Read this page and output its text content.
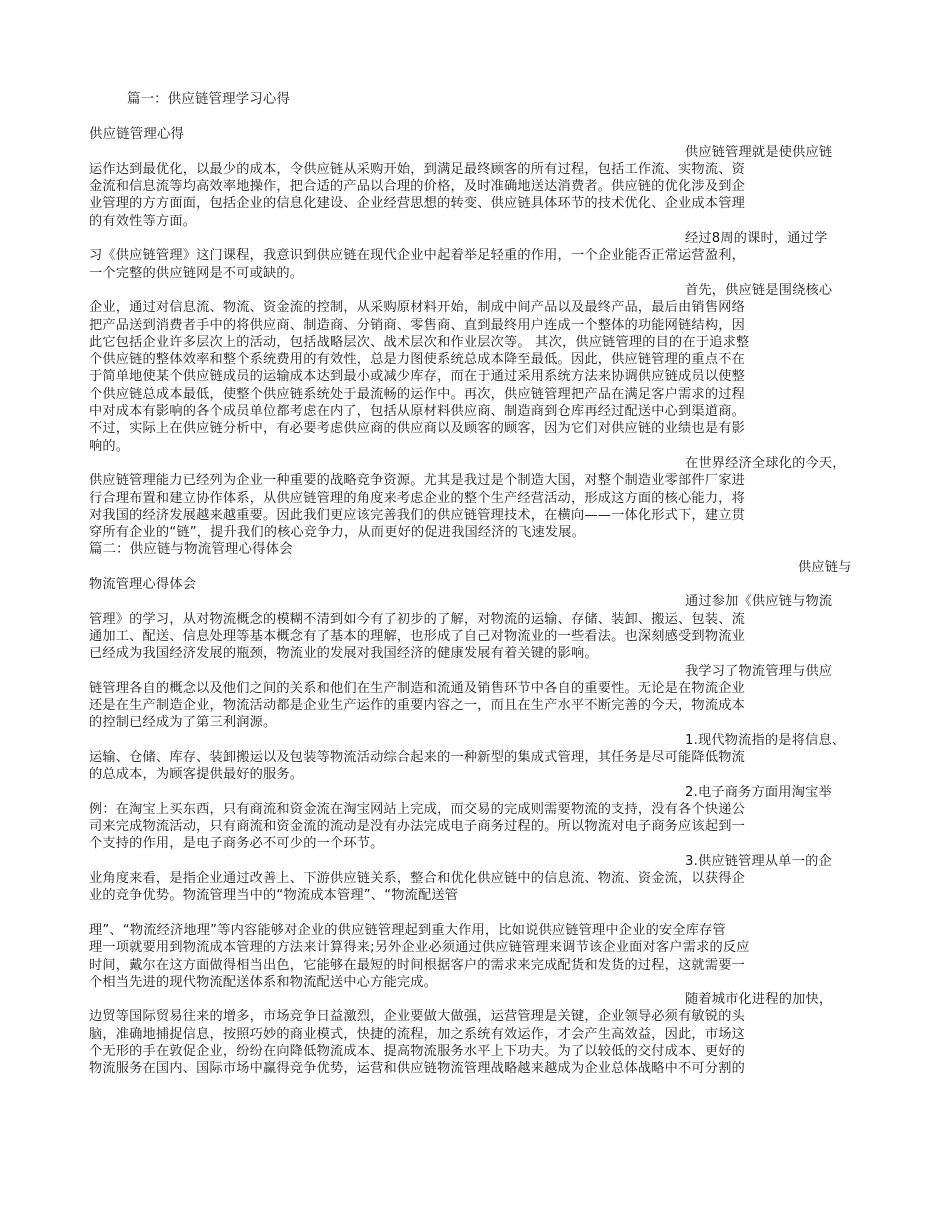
篇一：供应链管理学习心得
供应链管理心得
供应链管理就是使供应链
运作达到最优化，以最少的成本，令供应链从采购开始，到满足最终顾客的所有过程，包括工作流、实物流、资
金流和信息流等均高效率地操作，把合适的产品以合理的价格，及时准确地送达消费者。供应链的优化涉及到企
业管理的方方面面，包括企业的信息化建设、企业经营思想的转变、供应链具体环节的技术优化、企业成本管理
的有效性等方面。
经过8周的课时，通过学
习《供应链管理》这门课程，我意识到供应链在现代企业中起着举足轻重的作用，一个企业能否正常运营盈利，
一个完整的供应链网是不可或缺的。
首先，供应链是围绕核心
企业，通过对信息流、物流、资金流的控制，从采购原材料开始，制成中间产品以及最终产品，最后由销售网络
把产品送到消费者手中的将供应商、制造商、分销商、零售商、直到最终用户连成一个整体的功能网链结构，因
此它包括企业许多层次上的活动，包括战略层次、战术层次和作业层次等。 其次，供应链管理的目的在于追求整
个供应链的整体效率和整个系统费用的有效性，总是力图使系统总成本降至最低。因此，供应链管理的重点不在
于简单地使某个供应链成员的运输成本达到最小或减少库存，而在于通过采用系统方法来协调供应链成员以使整
个供应链总成本最低，使整个供应链系统处于最流畅的运作中。再次，供应链管理把产品在满足客户需求的过程
中对成本有影响的各个成员单位都考虑在内了，包括从原材料供应商、制造商到仓库再经过配送中心到渠道商。
不过，实际上在供应链分析中，有必要考虑供应商的供应商以及顾客的顾客，因为它们对供应链的业绩也是有影
响的。
在世界经济全球化的今天，
供应链管理能力已经列为企业一种重要的战略竞争资源。尤其是我过是个制造大国，对整个制造业零部件厂家进
行合理布置和建立协作体系，从供应链管理的角度来考虑企业的整个生产经营活动，形成这方面的核心能力，将
对我国的经济发展越来越重要。因此我们更应该完善我们的供应链管理技术，在横向——一体化形式下，建立贯
穿所有企业的“链”，提升我们的核心竞争力，从而更好的促进我国经济的飞速发展。
篇二：供应链与物流管理心得体会
供应链与
物流管理心得体会
通过参加《供应链与物流
管理》的学习，从对物流概念的模糊不清到如今有了初步的了解，对物流的运输、存储、装卸、搬运、包装、流
通加工、配送、信息处理等基本概念有了基本的理解，也形成了自己对物流业的一些看法。也深刻感受到物流业
已经成为我国经济发展的瓶颈，物流业的发展对我国经济的健康发展有着关键的影响。
我学习了物流管理与供应
链管理各自的概念以及他们之间的关系和他们在生产制造和流通及销售环节中各自的重要性。无论是在物流企业
还是在生产制造企业，物流活动都是企业生产运作的重要内容之一，而且在生产水平不断完善的今天，物流成本
的控制已经成为了第三利润源。
1.现代物流指的是将信息、
运输、仓储、库存、装卸搬运以及包装等物流活动综合起来的一种新型的集成式管理，其任务是尽可能降低物流
的总成本，为顾客提供最好的服务。
2.电子商务方面用淘宝举
例：在淘宝上买东西，只有商流和资金流在淘宝网站上完成，而交易的完成则需要物流的支持，没有各个快递公
司来完成物流活动，只有商流和资金流的流动是没有办法完成电子商务过程的。所以物流对电子商务应该起到一
个支持的作用，是电子商务必不可少的一个环节。
3.供应链管理从单一的企
业角度来看，是指企业通过改善上、下游供应链关系，整合和优化供应链中的信息流、物流、资金流，以获得企
业的竞争优势。物流管理当中的“物流成本管理”、“物流配送管
理”、“物流经济地理”等内容能够对企业的供应链管理起到重大作用，比如说供应链管理中企业的安全库存管
理一项就要用到物流成本管理的方法来计算得来;另外企业必须通过供应链管理来调节该企业面对客户需求的反应
时间，戴尔在这方面做得相当出色，它能够在最短的时间根据客户的需求来完成配货和发货的过程，这就需要一
个相当先进的现代物流配送体系和物流配送中心方能完成。
随着城市化进程的加快，
边贸等国际贸易往来的增多，市场竞争日益激烈，企业要做大做强，运营管理是关键，企业领导必须有敏锐的头
脑，准确地捕捉信息，按照巧妙的商业模式，快捷的流程，加之系统有效运作，才会产生高效益，因此，市场这
个无形的手在敦促企业，纷纷在向降低物流成本、提高物流服务水平上下功夫。为了以较低的交付成本、更好的
物流服务在国内、国际市场中赢得竞争优势，运营和供应链物流管理战略越来越成为企业总体战略中不可分割的
